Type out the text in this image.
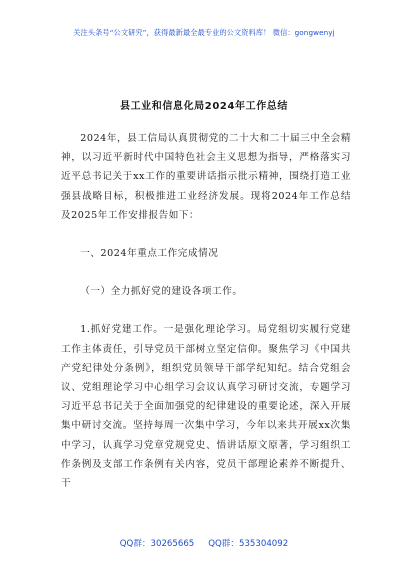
关注头条号“公文研究”，获得最新最全最专业的公文资料库！ 微信：gongwenyj
县工业和信息化局2024年工作总结

2024年，县工信局认真贯彻党的二十大和二十届三中全会精神，以习近平新时代中国特色社会主义思想为指导，严格落实习近平总书记关于xx工作的重要讲话指示批示精神，围绕打造工业强县战略目标，积极推进工业经济发展。现将2024年工作总结及2025年工作安排报告如下：

一、2024年重点工作完成情况

（一）全力抓好党的建设各项工作。

1.抓好党建工作。一是强化理论学习。局党组切实履行党建工作主体责任，引导党员干部树立坚定信仰。聚焦学习《中国共产党纪律处分条例》，组织党员领导干部学纪知纪。结合党组会议、党组理论学习中心组学习会议认真学习研讨交流，专题学习习近平总书记关于全面加强党的纪律建设的重要论述，深入开展集中研讨交流。坚持每周一次集中学习，今年以来共开展xx次集中学习，认真学习党章党规党史、悟讲话原文原著，学习组织工作条例及支部工作条例有关内容，党员干部理论素养不断提升、干

QQ群：30265665 QQ群：535304092
